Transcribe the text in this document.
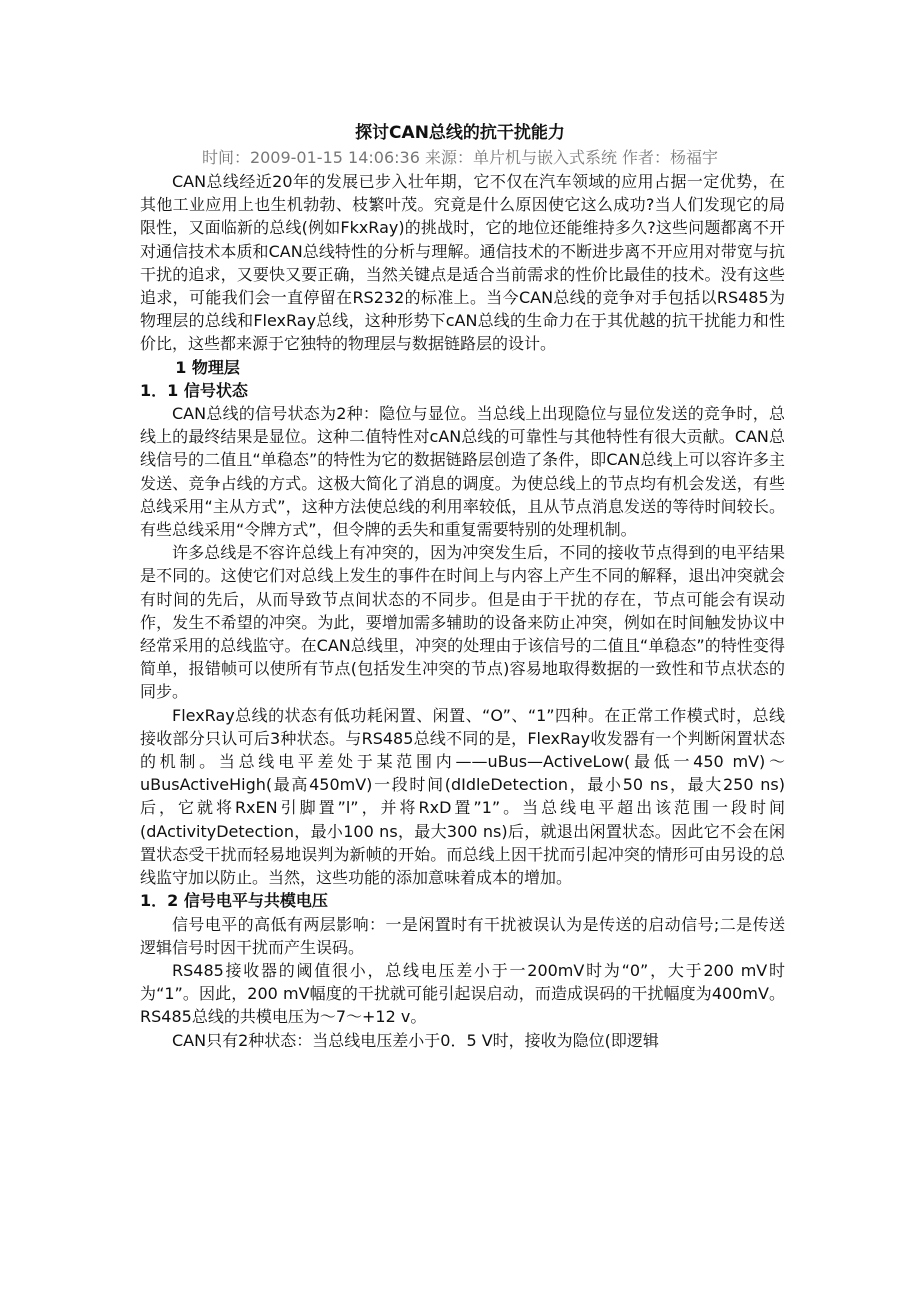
探讨CAN总线的抗干扰能力
时间：2009-01-15 14:06:36 来源：单片机与嵌入式系统 作者：杨福宇

CAN总线经近20年的发展已步入壮年期，它不仅在汽车领域的应用占据一定优势，在其他工业应用上也生机勃勃、枝繁叶茂。究竟是什么原因使它这么成功?当人们发现它的局限性，又面临新的总线(例如FkxRay)的挑战时，它的地位还能维持多久?这些问题都离不开对通信技术本质和CAN总线特性的分析与理解。通信技术的不断进步离不开应用对带宽与抗干扰的追求，又要快又要正确，当然关键点是适合当前需求的性价比最佳的技术。没有这些追求，可能我们会一直停留在RS232的标准上。当今CAN总线的竞争对手包括以RS485为物理层的总线和FlexRay总线，这种形势下cAN总线的生命力在于其优越的抗干扰能力和性价比，这些都来源于它独特的物理层与数据链路层的设计。

1 物理层
1．1 信号状态

CAN总线的信号状态为2种：隐位与显位。当总线上出现隐位与显位发送的竞争时，总线上的最终结果是显位。这种二值特性对cAN总线的可靠性与其他特性有很大贡献。CAN总线信号的二值且“单稳态”的特性为它的数据链路层创造了条件，即CAN总线上可以容许多主发送、竞争占线的方式。这极大简化了消息的调度。为使总线上的节点均有机会发送，有些总线采用“主从方式”，这种方法使总线的利用率较低，且从节点消息发送的等待时间较长。有些总线采用“令牌方式”，但令牌的丢失和重复需要特别的处理机制。

许多总线是不容许总线上有冲突的，因为冲突发生后，不同的接收节点得到的电平结果是不同的。这使它们对总线上发生的事件在时间上与内容上产生不同的解释，退出冲突就会有时间的先后，从而导致节点间状态的不同步。但是由于干扰的存在，节点可能会有误动作，发生不希望的冲突。为此，要增加需多辅助的设备来防止冲突，例如在时间触发协议中经常采用的总线监守。在CAN总线里，冲突的处理由于该信号的二值且“单稳态”的特性变得简单，报错帧可以使所有节点(包括发生冲突的节点)容易地取得数据的一致性和节点状态的同步。

FlexRay总线的状态有低功耗闲置、闲置、“O”、“1”四种。在正常工作模式时，总线接收部分只认可后3种状态。与RS485总线不同的是，FlexRay收发器有一个判断闲置状态的机制。当总线电平差处于某范围内——uBus—ActiveLow(最低一450 mV)～uBusActiveHigh(最高450mV)一段时间(dIdleDetection，最小50 ns，最大250 ns)后，它就将RxEN引脚置”l”，并将RxD置”1”。当总线电平超出该范围一段时间(dActivityDetection，最小100 ns，最大300 ns)后，就退出闲置状态。因此它不会在闲置状态受干扰而轻易地误判为新帧的开始。而总线上因干扰而引起冲突的情形可由另设的总线监守加以防止。当然，这些功能的添加意味着成本的增加。

1．2 信号电平与共模电压

信号电平的高低有两层影响：一是闲置时有干扰被误认为是传送的启动信号;二是传送逻辑信号时因干扰而产生误码。

RS485接收器的阈值很小，总线电压差小于一200mV时为“0”，大于200 mV时为“1”。因此，200 mV幅度的干扰就可能引起误启动，而造成误码的干扰幅度为400mV。RS485总线的共模电压为～7～+12 v。

CAN只有2种状态：当总线电压差小于0．5 V时，接收为隐位(即逻辑
